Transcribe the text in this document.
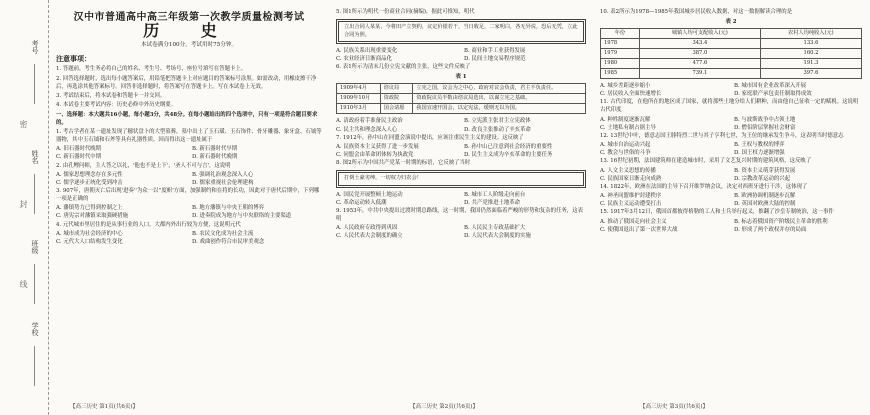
考号
姓名
班级
学校
密
封
线
汉中市普通高中高三年级第一次教学质量检测考试
历 史
本试卷满分100分，考试用时75分钟。
注意事项：

1. 答题前，考生务必将自己的姓名、考生号、考场号、座位号填写在答题卡上。

2. 回答选择题时，选出每小题答案后，用铅笔把答题卡上对应题目的答案标号涂黑。如需改动，用橡皮擦干净后，再选涂其他答案标号。回答非选择题时，将答案写在答题卡上。写在本试卷上无效。

3. 考试结束后，将本试卷和答题卡一并交回。

4. 本试卷主要考试内容：历史必修中外历史纲要。

一、选择题：本大题共16小题，每小题3分，共48分。在每小题给出的四个选项中，只有一项是符合题目要求的。

1. 考古学者在某一遗址发现了穗状盘卜的大型墓葬，墓中出土了玉石璜、玉石饰件、骨牙雕器、象牙盒、石钺等器物，其中玉石钺和石斧等具有礼器性质。因而得出这一遗址属于

A. 旧石器时代晚期	B. 新石器时代早期
C. 新石器时代中期	D. 新石器时代晚期

2. 由孔鲤问师，主人答之以礼，'他也不是上下'，'圣人不可与言'，这说明

A. 儒家思想理念存在多元性	B. 强调礼治观念深入人心
C. 儒学逐步正统化受到冲击	D. 儒家重视社会伦理建构

3. 907年，唐朝灭亡后出现'进奏''为众一以''度帜'方面，加强制约和在将的长功，因此对于唐代后期中，下列哪一项是正确的

A. 藩镇势力已得到控制之上	B. 地方藩镇与中央王朝的博弈
C. 唐宪宗对藩镇采取强硬措施	D. 进奏院成为地方与中央联络的主要渠道

4. 元代城市里居住的是从事行业的人口，大都内外出行较为方便，这说明元代

A. 城市成为社会经济的中心	B. 农民文化成为社会主流
C. 元代大人口结构发生变化	D. 戏曲创作符合市民审美观念
【高三历史 第1页(共6页)】

5. 图1所示为明代一份商业合同(摘编)，据此可推知，明代

立出合同人某某，今将田产立契约，议定价银若干，当日收足，二家明白，各无异说，恐后无凭，立此合同为照。
A. 民族关系出现重要变化	B. 商业和手工业获得发展
C. 农业经济日渐商品化	D. 民间土地交易程序规范

6. 表1所示为清末几份立宪文献的主张，这些文件反映了

表 1
1909年4月	谘议局	立宪之国，议会为之中心，政府对议会负责，君主不负责任。
1909年10月	资政院	资政院议员半数由谘议局选出，以谋立宪之基础。
1910年3月	国会请愿	我国宜速开国会，以定宪法，缓则无以为国。
A. 清政府着手准备民主政治	B. 立宪派主张君主立宪政体
C. 民主共和理念深入人心	D. 改良主张推动了辛亥革命

7. 1912年，孙中山在同盟会演说中提出，应该注重民生主义的建设。这反映了

A. 民族资本主义获得了进一步发展	B. 孙中山已注意到社会经济的重要性
C. 同盟会由革命团体转为执政党	D. 民生主义成为辛亥革命的主要任务

8. 图2所示为中国共产党某一时期的标语，它反映了当时

打倒土豪劣绅，一切权力归农会！
A. 国民党开展整顿土地运动	B. 城市工人阶级走向前台
C. 革命运动转入低潮	D. 共产党推进土地革命

9. 1953年，中共中央提出过渡时期总路线，这一时期，我国仍然面临着严峻的形势和复杂的任务，这表明

A. 人民政府专政得到巩固	B. 人民民主专政基础扩大
C. 人民代表大会制度的确立	D. 人民代表大会制度的实施
【高三历史 第2页(共6页)】

10. 表2所示为1978—1985年我国城乡居民收入数据，对这一数据解读合理的是

表 2
年份	城镇人均可支配收入(元)	农村人均纯收入(元)
1978	343.4	133.6
1979	387.0	160.2
1980	477.6	191.3
1985	739.1	397.6
A. 城乡差距逐步缩小	B. 城市国有企业改革深入开展
C. 居民收入全面快速增长	D. 家庭联产承包责任制取得成效

11. 古代印度，在他所在的地区成了国家，就将那些土地分给人们耕种，而由他自己征收一定的赋税。这说明古代印度

A. 种姓制度逐渐瓦解	B. 与波斯战争中占领土地
C. 土地私有制占据主导	D. 僧侣阶层掌握社会财富

12. 13世纪中叶，德意志国王腓特烈二世与其子亨利七世，为王位的继承发生争斗，这表明当时德意志

A. 城市自治运动兴起	B. 王权与教权的博弈
C. 教会与世俗的斗争	D. 国王权力逐渐增强

13. 16世纪初期，法国建筑师在建造城市时，采用了文艺复兴时期的建筑风格，这反映了

A. 人文主义思想的传播	B. 资本主义萌芽获得发展
C. 民族国家日渐走向成熟	D. 宗教改革运动的兴起

14. 1822年，欧洲在法国的主导下召开维罗纳会议，决定对西班牙进行干涉，这体现了

A. 神圣同盟维护封建秩序	B. 欧洲协调机制逐步瓦解
C. 民族主义运动遭受打击	D. 英国对欧洲大陆的控制

15. 1917年3月12日，俄国首都彼得格勒的工人和士兵举行起义，推翻了沙皇专制统治，这一事件

A. 推动了俄国走向社会主义	B. 标志着俄国资产阶级民主革命的胜利
C. 使俄国退出了第一次世界大战	D. 形成了两个政权并存的局面
【高三历史 第3页(共6页)】
